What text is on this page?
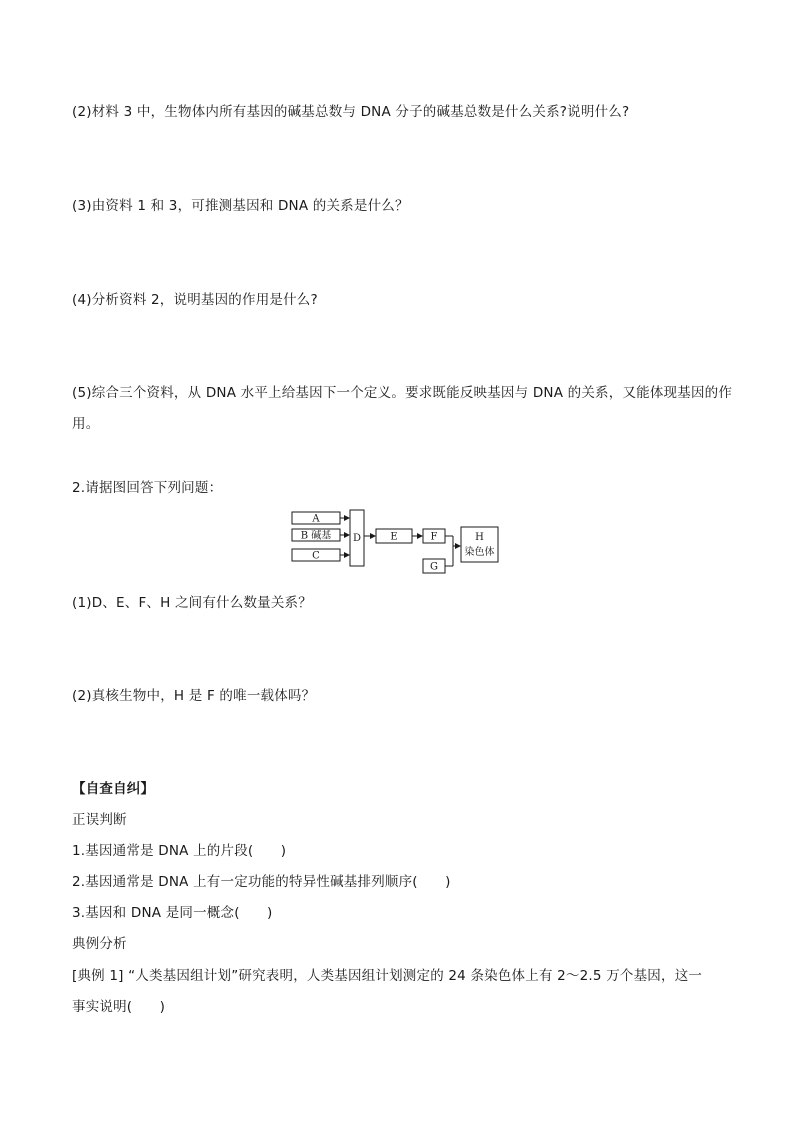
(2)材料 3 中，生物体内所有基因的碱基总数与 DNA 分子的碱基总数是什么关系?说明什么?
(3)由资料 1 和 3，可推测基因和 DNA 的关系是什么？
(4)分析资料 2，说明基因的作用是什么?
(5)综合三个资料，从 DNA 水平上给基因下一个定义。要求既能反映基因与 DNA 的关系，又能体现基因的作
用。
2.请据图回答下列问题：
A
B 碱基
C
D	E	F
G
H
染色体
(1)D、E、F、H 之间有什么数量关系？
(2)真核生物中，H 是 F 的唯一载体吗？
【自查自纠】
正误判断
1.基因通常是 DNA 上的片段(　　)
2.基因通常是 DNA 上有一定功能的特异性碱基排列顺序(　　)
3.基因和 DNA 是同一概念(　　)
典例分析
[典例 1] “人类基因组计划”研究表明，人类基因组计划测定的 24 条染色体上有 2～2.5 万个基因，这一
事实说明(　　)
